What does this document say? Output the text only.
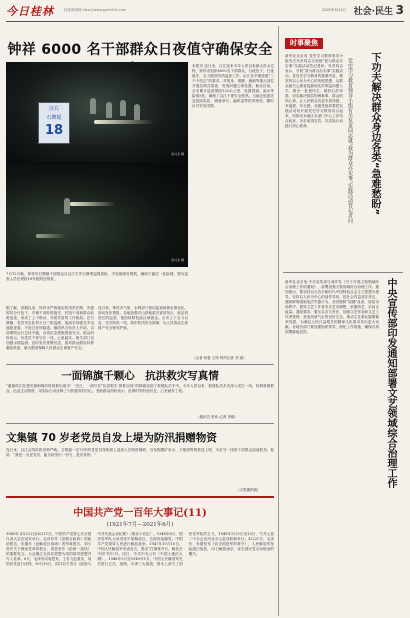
今日桂林	桂林新闻网 http://www.guilinlife.com	2021年5月4日 社会·民生 3
钟祥 6000 名干部群众日夜值守确保安全
汉右
石牌堤
18
余兴龙 摄
余兴龙 摄
本报讯 连日来，汉江迎来今年入汛以来最大洪水过程，钟祥市组织6000名干部群众，分段包干，日夜值守，全力做好防汛巡查工作。沿江各乡镇按照“三个不放过”的要求，对堤身、堤脚、涵闸等重点部位开展拉网式排查，发现问题立即处置。截至目前，全市累计巡查堤段120余公里，处置管涌、渗水等险情9处，确保了汉江干堤安全度汛。当地还组建应急抢险队伍，储备砂石、编织袋等防汛物资，随时应对突发汛情。
7月12日晚，钟祥市石牌镇干部群众在汉江右岸石牌堤巡堤查险，手电筒照亮堤坡，确保不漏过一处险情。图为巡查人员在堤段18号桩附近排查。
据了解，汛期以来，钟祥市严格落实防汛责任制，市级领导分片包干，乡镇干部驻堤值守，村组干部和群众轮班巡查，形成了上下联动、齐抓共管的工作格局。在石牌镇，党员突击队每天分三班巡堤，夜间手持强光手电逐段查看，不放过任何隐患。镇防汛办负责人介绍，目前堤防运行总体平稳，各项应急措施准备充分。群众纷纷表示，有党员干部守在一线，心里踏实。相关部门还加强水情监测，及时发布预警信息，指导群众做好转移避险准备，最大限度保障人民群众生命财产安全。
连日来，钟祥市气象、水利部门密切监视雨情水情变化，滚动发布预报。各地加强对山洪地质灾害易发区、低洼易涝区的巡查，提前转移危险区域群众。全市上下全力以赴，坚守防汛一线，筑牢防汛安全屏障，为人民群众生命财产安全保驾护航。
（记者 杨春 王铎 特约记者 刘 斌）
一面锦旗千颗心　抗洪救灾写真情
“谢谢你们在我们最困难的时候伸出援手！”近日，一面写有“抗洪救灾 情系百姓”的锦旗送到了救援队员手中。今年入汛以来，救援队员多次深入受灾一线，转移被困群众，运送生活物资，用实际行动诠释了为民服务的初心。受助群众纷纷表示，危难时刻有他们在，心里就有了底。
（通讯员 张伟 记者 李娜）
文集镇 70 岁老党员自发上堤为防汛捐赠物资
连日来，汉江沿线防汛形势严峻。文集镇一位70岁的老党员得知堤上巡查人员物资紧缺，自发购置矿泉水、方便面等物资送上堤，为坚守一线的干部群众加油鼓劲。他说：“我是一名老党员，能为防汛出一份力，是应该的。”
（文集镇供稿）
中国共产党一百年大事记(11)
(1921年7月—2021年6月)
1945年 4月23日至6月11日，中国共产党第七次全国代表大会在延安举行。毛泽东作《论联合政府》的政治报告，朱德作《论解放区战场》的军事报告，刘少奇作关于修改党章的报告，周恩来作《论统一战线》的重要发言。大会确立毛泽东思想为党的指导思想并写入党章。8月，毛泽东同周恩来、王若飞赴重庆，同国民党进行谈判。10月10日，国共双方签订《政府与中共代表会谈纪要》（即双十协定）。1946年6月，国民党军队大举进攻中原解放区，全面内战爆发。中国共产党领导人民进行解放战争。1947年10月10日，中国人民解放军发表宣言，提出“打倒蒋介石，解放全中国”的口号。同日，中共中央公布《中国土地法大纲》。1948年9月至1949年1月，中国人民解放军先后进行辽沈、淮海、平津三大战役，基本上消灭了国民党军队的主力。1949年3月5日至13日，中共七届二中全会在河北平山县西柏坡举行。4月21日，毛泽东、朱德发布《向全国进军的命令》，人民解放军发起渡江战役，23日解放南京，宣告国民党反动统治的覆灭。
时事聚焦
新华社北京电 党史学习教育领导小组有关负责同志日前就“我为群众办实事”实践活动答记者问。负责同志表示，开展“我为群众办实事”实践活动，是党史学习教育的重要内容，要坚持以人民为中心的发展思想，从群众最关心最直接最现实的利益问题入手，推出一批惠民生、暖民心的举措，切实解决基层的困难事、群众的烦心事，让人民群众有更多获得感、幸福感、安全感。各级党组织要把实践活动同开展党史学习教育结合起来，同推动本地区本部门中心工作结合起来，务求取得实效，以实际行动践行初心使命。	下功夫解决群众身边各类“急难愁盼”
党史学习教育领导小组有关负责同志就“我为群众办实事”实践活动答记者问
中央宣传部印发通知部署文艺领域综合治理工作
新华社北京电 中央宣传部日前印发《关于开展文娱领域综合治理工作的通知》，部署加强文娱领域综合治理工作。通知指出，要坚持以习近平新时代中国特色社会主义思想为指导，坚持以人民为中心的创作导向，把社会效益放在首位，旗帜鲜明抵制违法失德行为，坚决遏制“饭圈”乱象，规范市场秩序，倡导文艺工作者坚守艺术理想，崇德尚艺，弘扬正能量。通知要求，要压实各方责任，加强文艺作品和文艺工作者管理，营造风清气正的良好生态，推动文艺事业健康繁荣发展，为满足人民日益增长的精神文化需求作出更大贡献。各地各部门要加强组织领导，细化工作措施，确保各项部署落地见效。
